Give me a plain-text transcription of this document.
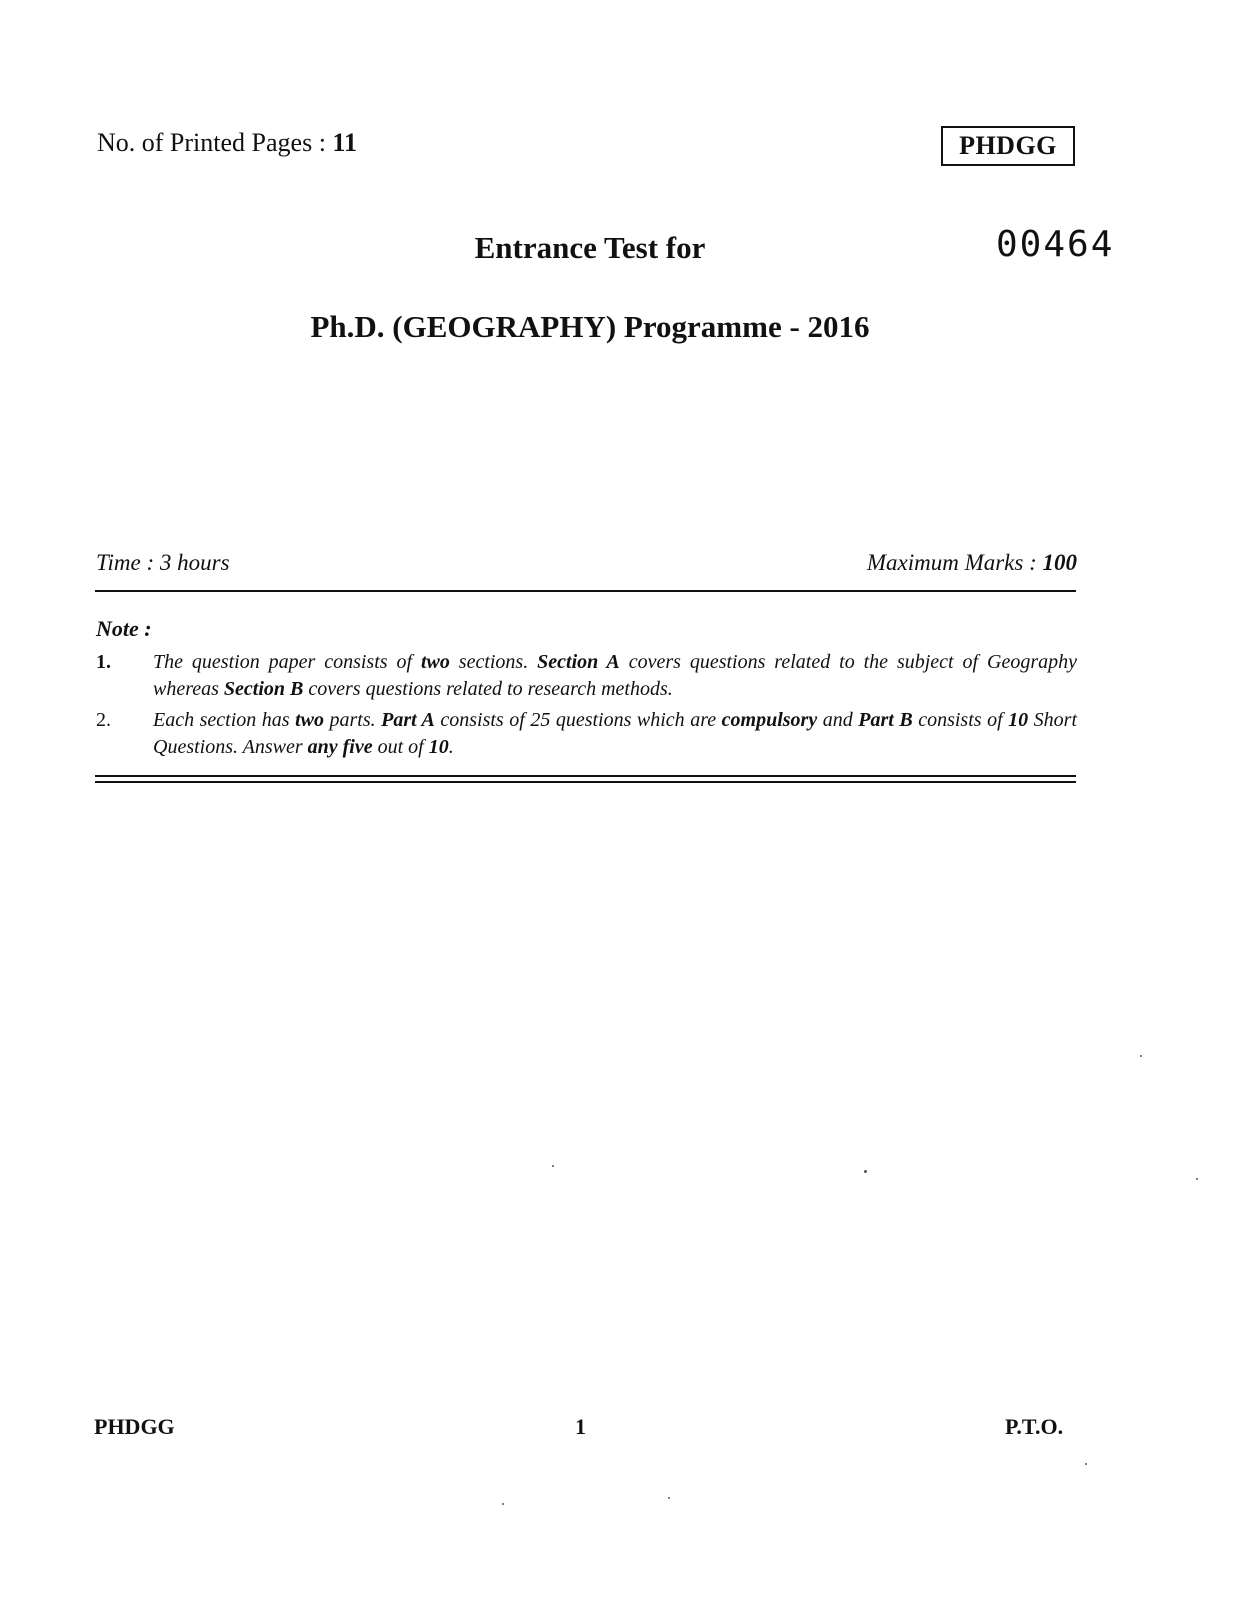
No. of Printed Pages : 11	PHDGG
00464
Entrance Test for
Ph.D. (GEOGRAPHY) Programme - 2016
Time : 3 hours	Maximum Marks : 100
Note :
1. The question paper consists of two sections. Section A covers questions related to the subject of Geography whereas Section B covers questions related to research methods.
2. Each section has two parts. Part A consists of 25 questions which are compulsory and Part B consists of 10 Short Questions. Answer any five out of 10.
PHDGG	1	P.T.O.
